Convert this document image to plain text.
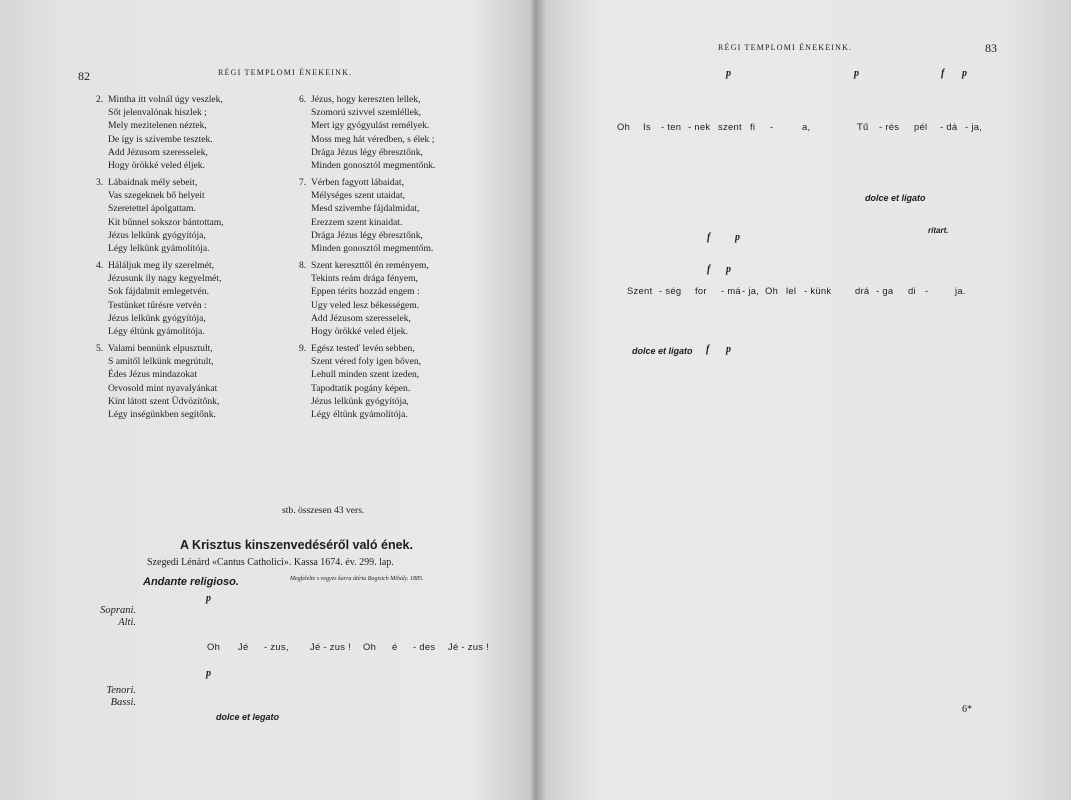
82	RÉGI TEMPLOMI ÉNEKEINK.
2. Mintha itt volnál úgy veszlek,
Sőt jelenvalónak hiszlek ;
Mely mezitelenen néztek,
De így is szivembe tesztek.
Add Jézusom szeresselek,
Hogy örökké veled éljek.
3. Lábaidnak mély sebeit,
Vas szegeknek bő helyeit
Szeretettel ápolgattam.
Kit bűnnel sokszor bántottam,
Jézus lelkünk gyógyítója,
Légy lelkünk gyámolítója.
4. Háláljuk meg ily szerelmét,
Jézusunk ily nagy kegyelmét,
Sok fájdalmit emlegetvén.
Testünket tűrésre vetvén :
Jézus lelkünk gyógyítója,
Légy éltünk gyámolítója.
5. Valami bennünk elpusztult,
S amitől lelkünk megrútult,
Édes Jézus mindazokat
Orvosold mint nyavalyánkat
Kínt látott szent Üdvözítőnk,
Légy inségünkben segítőnk.
6. Jézus, hogy kereszten lellek,
Szomorú szivvel szemléllek,
Mert így gyógyulást remélyek.
Moss meg hát véredben, s élek ;
Drága Jézus légy ébresztőnk,
Minden gonosztól megmentőnk.
7. Vérben fagyott lábaidat,
Mélységes szent utaidat,
Mesd szivembe fájdalmidat,
Erezzem szent kinaidat.
Drága Jézus légy ébresztőnk,
Minden gonosztól megmentőm.
8. Szent kereszttől én reményem,
Tekints reám drága fényem,
Eppen térits hozzád engem :
Ugy veled lesz békességem.
Add Jézusom szeresselek,
Hogy örökké veled éljek.
9. Egész testeď levén sebben,
Szent véred foly igen bőven,
Lehull minden szent izeden,
Tapodtatik pogány képen.
Jézus lelkünk gyógyítója,
Légy éltünk gyámolítója.
stb. összesen 43 vers.
A Krisztus kinszenvedéséről való ének.
Szegedi Lénárd «Cantus Catholici». Kassa 1674. év. 299. lap.
Andante religioso.	Megfelelte s vegyes karra átírta Bogisich Mihály. 1885.
Soprani.
Alti.
Tenori.
Bassi.
p
p
Oh Jé - zus, Jé - zus ! Oh é - des Jé - zus !
dolce et legato
RÉGI TEMPLOMI ÉNEKEINK.	83
p	p	f p
Oh Is - ten - nek szent fi -	a,	Tű - rés pél - dá - ja,
dolce et ligato
f p
f p
ritart.
Szent - ség for - má - ja, Oh lel - künk	drá - ga di -	ja.
dolce et ligato f p
6*
